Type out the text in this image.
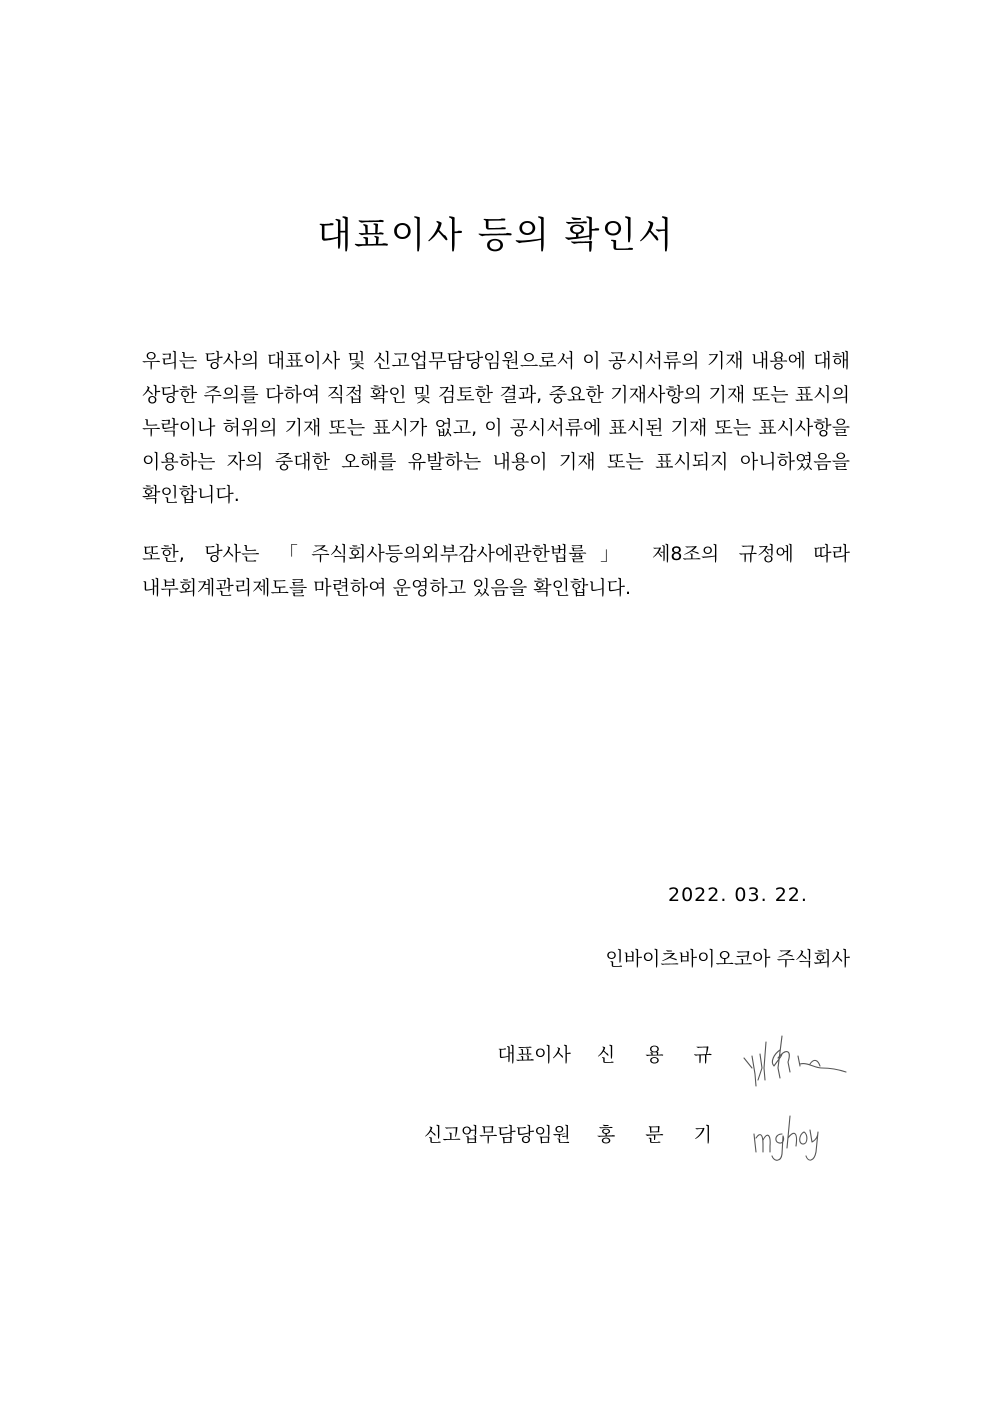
대표이사 등의 확인서

우리는 당사의 대표이사 및 신고업무담당임원으로서 이 공시서류의 기재 내용에 대해 상당한 주의를 다하여 직접 확인 및 검토한 결과, 중요한 기재사항의 기재 또는 표시의 누락이나 허위의 기재 또는 표시가 없고, 이 공시서류에 표시된 기재 또는 표시사항을 이용하는 자의 중대한 오해를 유발하는 내용이 기재 또는 표시되지 아니하였음을 확인합니다.

또한, 당사는 「주식회사등의외부감사에관한법률」 제8조의 규정에 따라 내부회계관리제도를 마련하여 운영하고 있음을 확인합니다.

2022. 03. 22.
인바이츠바이오코아 주식회사
대표이사 신 용 규
신고업무담당임원 홍 문 기
